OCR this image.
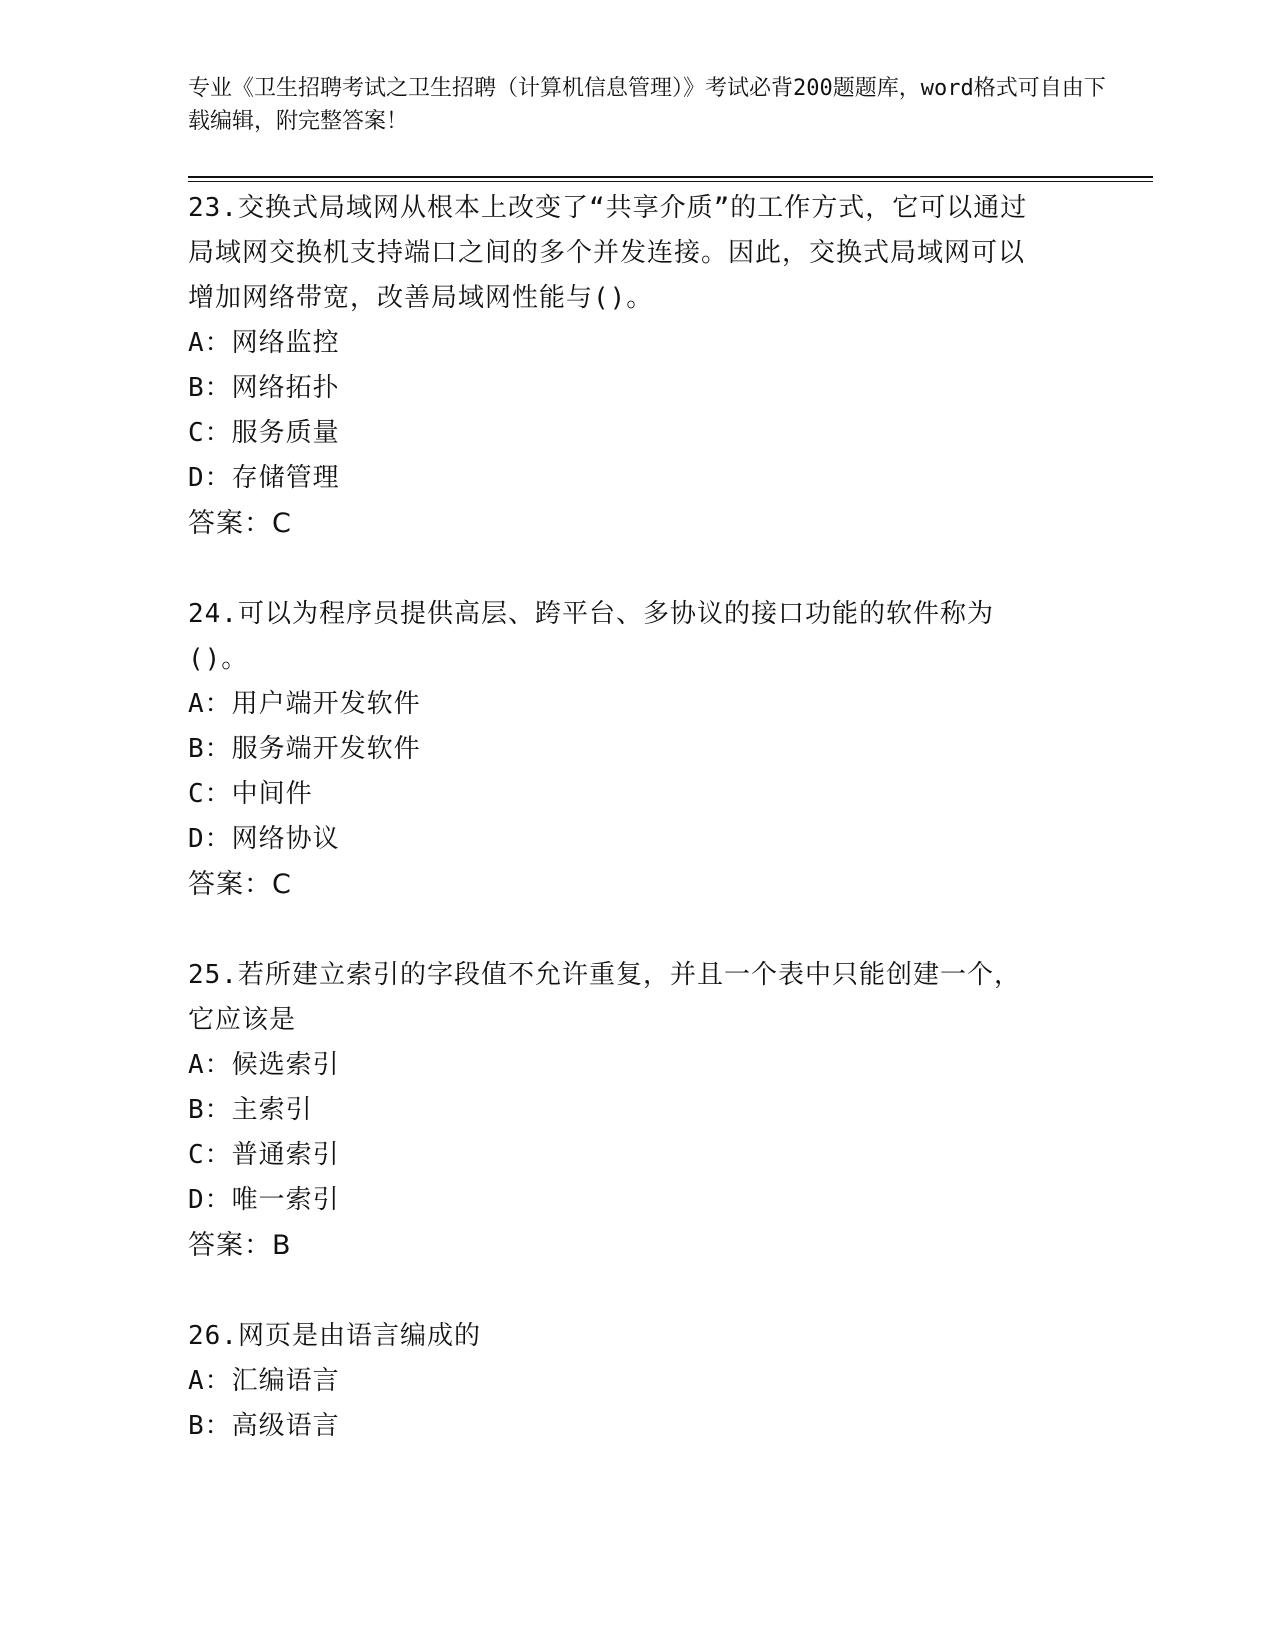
专业《卫生招聘考试之卫生招聘（计算机信息管理）》考试必背200题题库，word格式可自由下载编辑，附完整答案！
23.交换式局域网从根本上改变了“共享介质”的工作方式，它可以通过局域网交换机支持端口之间的多个并发连接。因此，交换式局域网可以增加网络带宽，改善局域网性能与()。
A：网络监控
B：网络拓扑
C：服务质量
D：存储管理
答案：C
24.可以为程序员提供高层、跨平台、多协议的接口功能的软件称为()。
A：用户端开发软件
B：服务端开发软件
C：中间件
D：网络协议
答案：C
25.若所建立索引的字段值不允许重复，并且一个表中只能创建一个，它应该是
A：候选索引
B：主索引
C：普通索引
D：唯一索引
答案：B
26.网页是由语言编成的
A：汇编语言
B：高级语言
